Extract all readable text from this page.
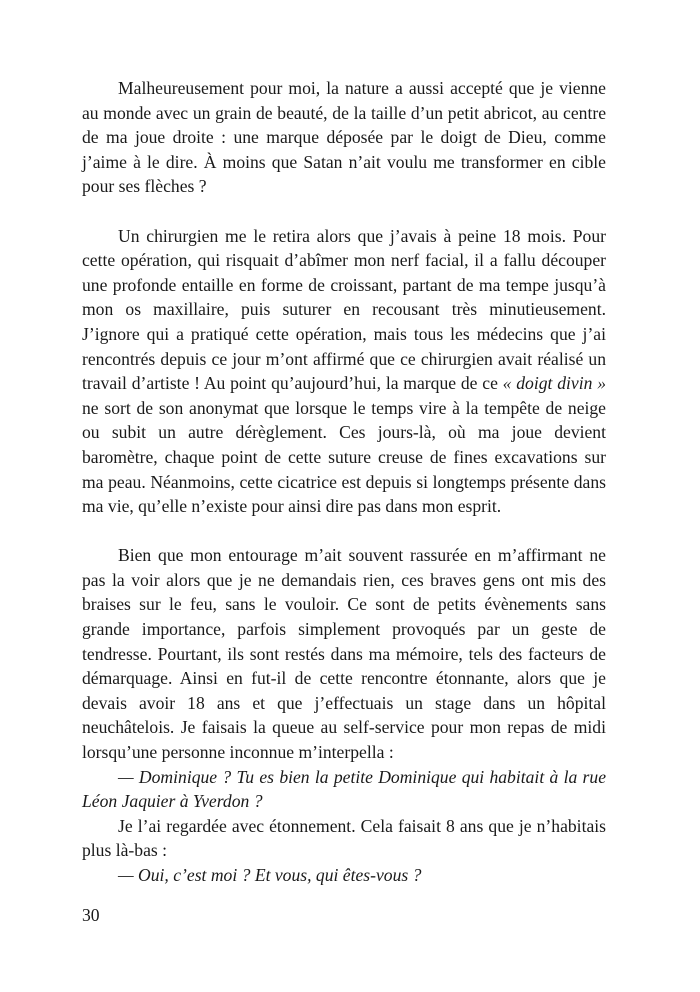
Malheureusement pour moi, la nature a aussi accepté que je vienne au monde avec un grain de beauté, de la taille d’un petit abricot, au centre de ma joue droite : une marque déposée par le doigt de Dieu, comme j’aime à le dire. À moins que Satan n’ait voulu me transformer en cible pour ses flèches ?

Un chirurgien me le retira alors que j’avais à peine 18 mois. Pour cette opération, qui risquait d’abîmer mon nerf facial, il a fallu découper une profonde entaille en forme de croissant, partant de ma tempe jusqu’à mon os maxillaire, puis suturer en recousant très minutieusement. J’ignore qui a pratiqué cette opération, mais tous les médecins que j’ai rencontrés depuis ce jour m’ont affirmé que ce chirurgien avait réalisé un travail d’artiste ! Au point qu’aujourd’hui, la marque de ce « doigt divin » ne sort de son anonymat que lorsque le temps vire à la tempête de neige ou subit un autre dérèglement. Ces jours-là, où ma joue devient baromètre, chaque point de cette suture creuse de fines excavations sur ma peau. Néanmoins, cette cicatrice est depuis si longtemps présente dans ma vie, qu’elle n’existe pour ainsi dire pas dans mon esprit.

Bien que mon entourage m’ait souvent rassurée en m’affirmant ne pas la voir alors que je ne demandais rien, ces braves gens ont mis des braises sur le feu, sans le vouloir. Ce sont de petits évènements sans grande importance, parfois simplement provoqués par un geste de tendresse. Pourtant, ils sont restés dans ma mémoire, tels des facteurs de démarquage. Ainsi en fut-il de cette rencontre étonnante, alors que je devais avoir 18 ans et que j’effectuais un stage dans un hôpital neuchâtelois. Je faisais la queue au self-service pour mon repas de midi lorsqu’une personne inconnue m’interpella :

— Dominique ? Tu es bien la petite Dominique qui habitait à la rue Léon Jaquier à Yverdon ?

Je l’ai regardée avec étonnement. Cela faisait 8 ans que je n’habitais plus là-bas :

— Oui, c’est moi ? Et vous, qui êtes-vous ?

30
